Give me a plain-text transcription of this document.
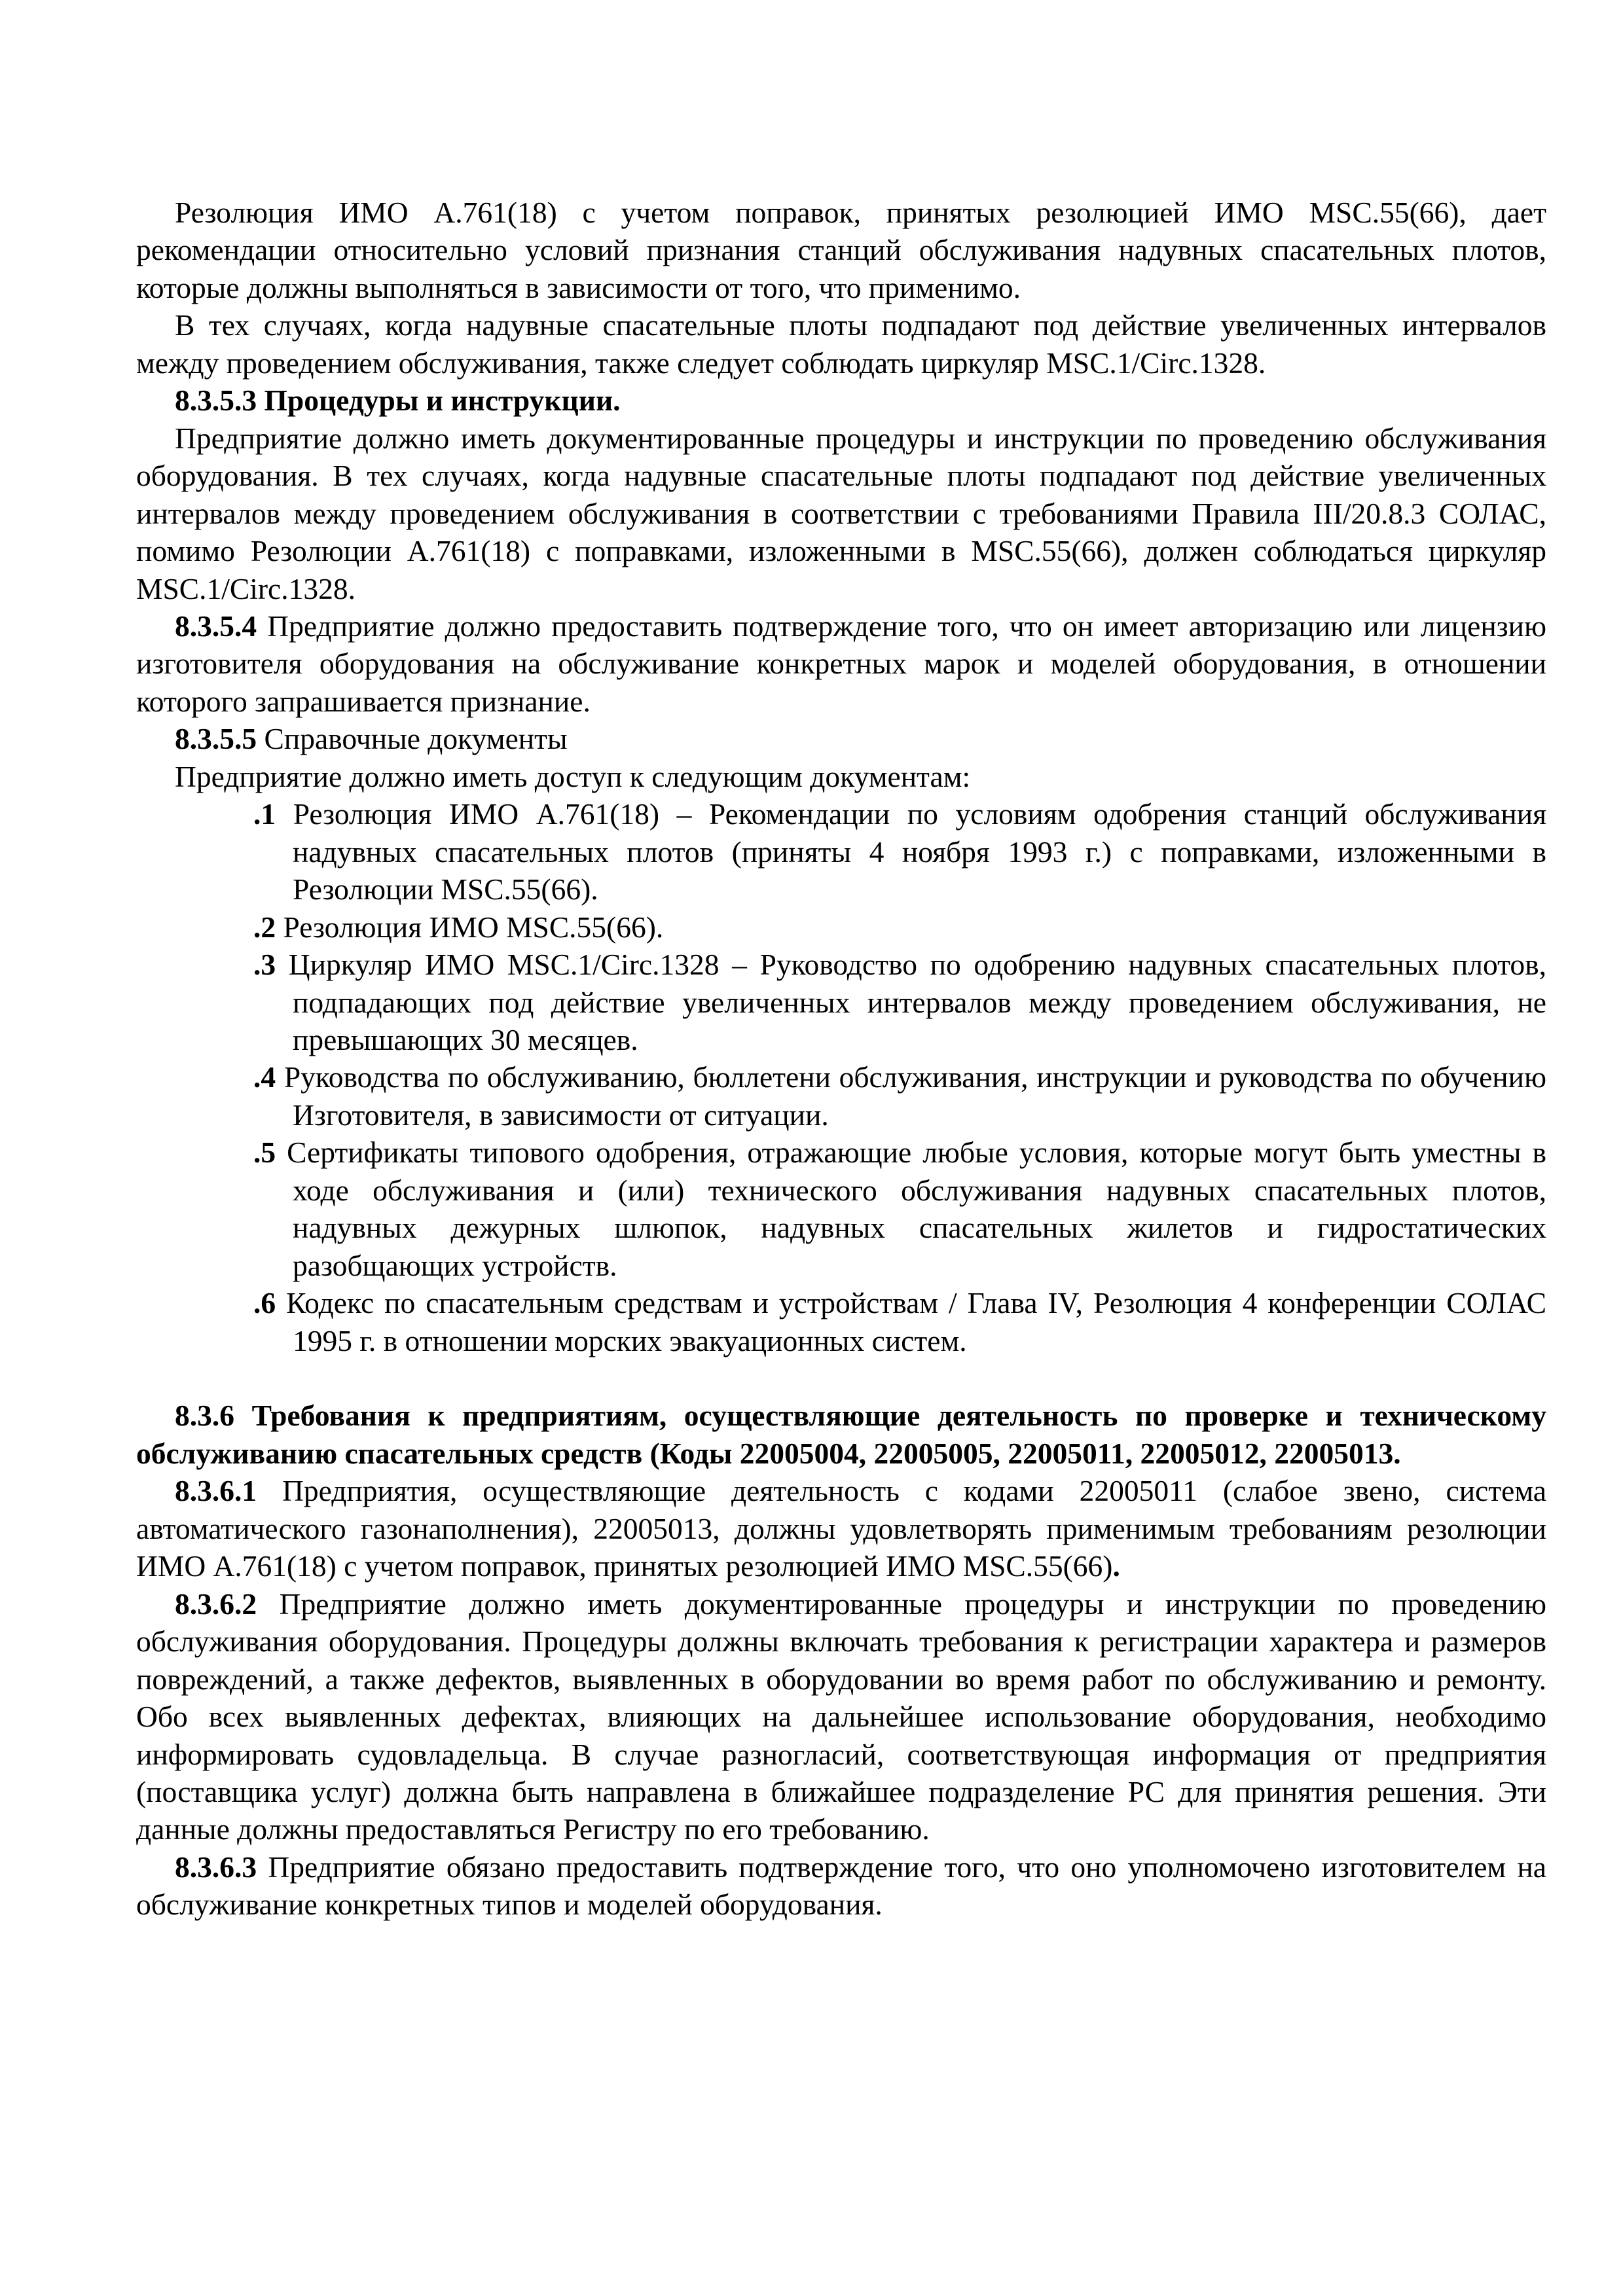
Резолюция ИМО А.761(18) с учетом поправок, принятых резолюцией ИМО MSC.55(66), дает рекомендации относительно условий признания станций обслуживания надувных спасательных плотов, которые должны выполняться в зависимости от того, что применимо.

В тех случаях, когда надувные спасательные плоты подпадают под действие увеличенных интервалов между проведением обслуживания, также следует соблюдать циркуляр MSC.1/Circ.1328.

8.3.5.3 Процедуры и инструкции.

Предприятие должно иметь документированные процедуры и инструкции по проведению обслуживания оборудования. В тех случаях, когда надувные спасательные плоты подпадают под действие увеличенных интервалов между проведением обслуживания в соответствии с требованиями Правила III/20.8.3 СОЛАС, помимо Резолюции А.761(18) с поправками, изложенными в MSC.55(66), должен соблюдаться циркуляр MSC.1/Circ.1328.

8.3.5.4 Предприятие должно предоставить подтверждение того, что он имеет авторизацию или лицензию изготовителя оборудования на обслуживание конкретных марок и моделей оборудования, в отношении которого запрашивается признание.

8.3.5.5 Справочные документы

Предприятие должно иметь доступ к следующим документам:

.1 Резолюция ИМО А.761(18) – Рекомендации по условиям одобрения станций обслуживания надувных спасательных плотов (приняты 4 ноября 1993 г.) с поправками, изложенными в Резолюции MSC.55(66).
.2 Резолюция ИМО MSC.55(66).
.3 Циркуляр ИМО MSC.1/Circ.1328 – Руководство по одобрению надувных спасательных плотов, подпадающих под действие увеличенных интервалов между проведением обслуживания, не превышающих 30 месяцев.
.4 Руководства по обслуживанию, бюллетени обслуживания, инструкции и руководства по обучению Изготовителя, в зависимости от ситуации.
.5 Сертификаты типового одобрения, отражающие любые условия, которые могут быть уместны в ходе обслуживания и (или) технического обслуживания надувных спасательных плотов, надувных дежурных шлюпок, надувных спасательных жилетов и гидростатических разобщающих устройств.
.6 Кодекс по спасательным средствам и устройствам / Глава IV, Резолюция 4 конференции СОЛАС 1995 г. в отношении морских эвакуационных систем.

8.3.6 Требования к предприятиям, осуществляющие деятельность по проверке и техническому обслуживанию спасательных средств (Коды 22005004, 22005005, 22005011, 22005012, 22005013.

8.3.6.1 Предприятия, осуществляющие деятельность с кодами 22005011 (слабое звено, система автоматического газонаполнения), 22005013, должны удовлетворять применимым требованиям резолюции ИМО А.761(18) с учетом поправок, принятых резолюцией ИМО MSC.55(66).

8.3.6.2 Предприятие должно иметь документированные процедуры и инструкции по проведению обслуживания оборудования. Процедуры должны включать требования к регистрации характера и размеров повреждений, а также дефектов, выявленных в оборудовании во время работ по обслуживанию и ремонту. Обо всех выявленных дефектах, влияющих на дальнейшее использование оборудования, необходимо информировать судовладельца. В случае разногласий, соответствующая информация от предприятия (поставщика услуг) должна быть направлена в ближайшее подразделение РС для принятия решения. Эти данные должны предоставляться Регистру по его требованию.

8.3.6.3 Предприятие обязано предоставить подтверждение того, что оно уполномочено изготовителем на обслуживание конкретных типов и моделей оборудования.
